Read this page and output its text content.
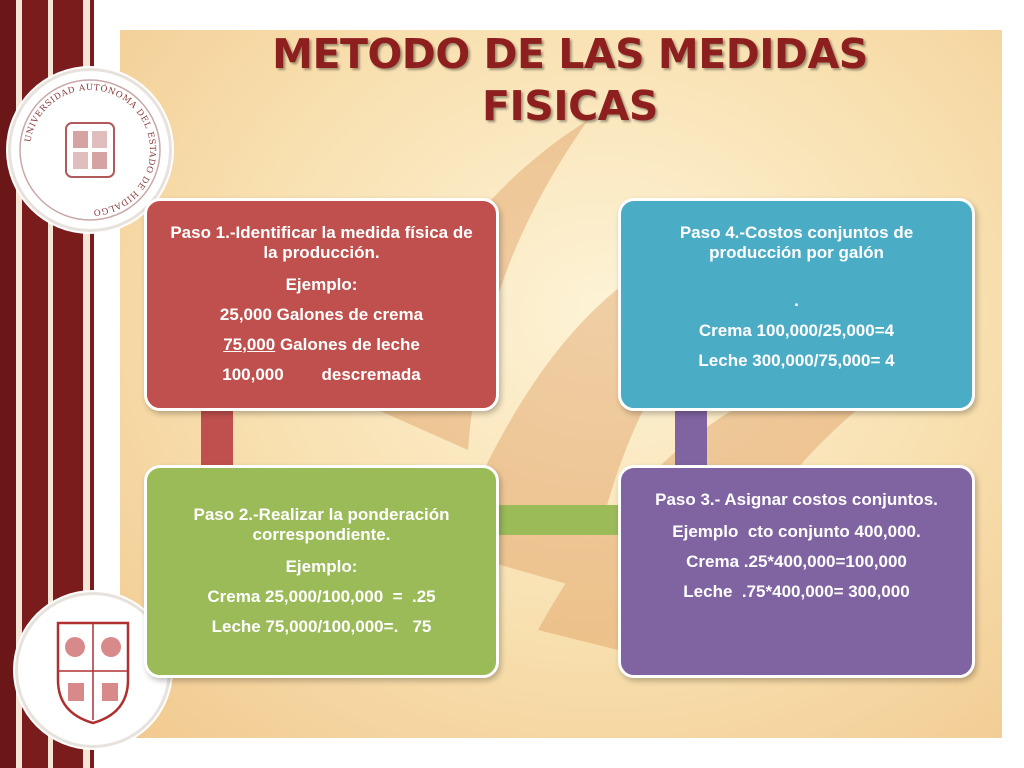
UNIVERSIDAD AUTÓNOMA DEL ESTADO DE HIDALGO
METODO DE LAS MEDIDAS
FISICAS

Paso 1.-Identificar la medida física de la producción.

Ejemplo:

25,000 Galones de crema

75,000 Galones de leche

100,000        descremada

Paso 2.-Realizar la ponderación correspondiente.

Ejemplo:

Crema 25,000/100,000  =  .25

Leche 75,000/100,000=.   75

Paso 3.- Asignar costos conjuntos.

Ejemplo  cto conjunto 400,000.

Crema .25*400,000=100,000

Leche  .75*400,000= 300,000

Paso 4.-Costos conjuntos de producción por galón

.

Crema 100,000/25,000=4

Leche 300,000/75,000= 4
